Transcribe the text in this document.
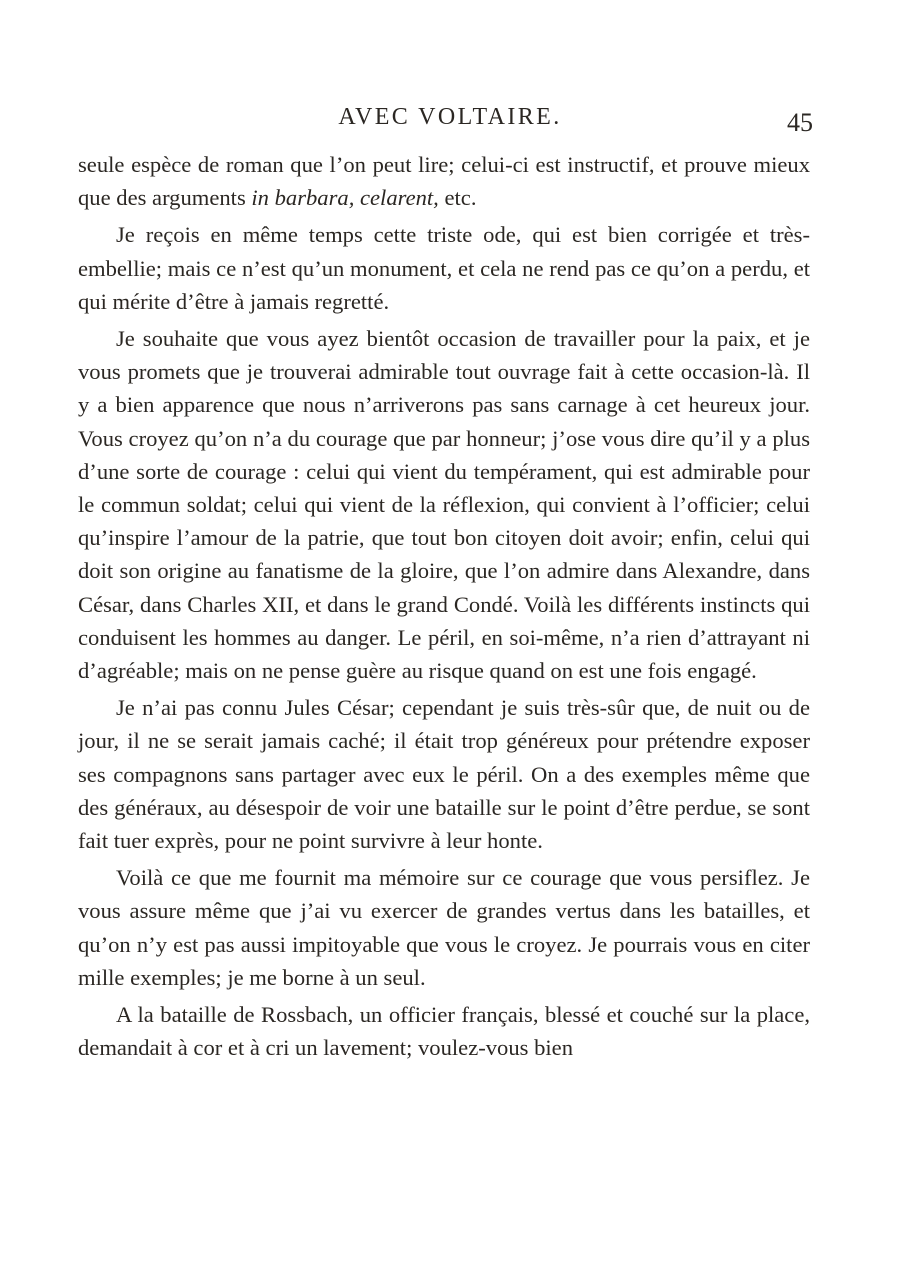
AVEC VOLTAIRE.	45

seule espèce de roman que l’on peut lire; celui-ci est instructif, et prouve mieux que des arguments in barbara, celarent, etc.

Je reçois en même temps cette triste ode, qui est bien corrigée et très-embellie; mais ce n’est qu’un monument, et cela ne rend pas ce qu’on a perdu, et qui mérite d’être à jamais regretté.

Je souhaite que vous ayez bientôt occasion de travailler pour la paix, et je vous promets que je trouverai admirable tout ouvrage fait à cette occasion-là. Il y a bien apparence que nous n’arriverons pas sans carnage à cet heureux jour. Vous croyez qu’on n’a du courage que par honneur; j’ose vous dire qu’il y a plus d’une sorte de courage : celui qui vient du tempérament, qui est admirable pour le commun soldat; celui qui vient de la réflexion, qui convient à l’officier; celui qu’inspire l’amour de la patrie, que tout bon citoyen doit avoir; enfin, celui qui doit son origine au fanatisme de la gloire, que l’on admire dans Alexandre, dans César, dans Charles XII, et dans le grand Condé. Voilà les différents instincts qui conduisent les hommes au danger. Le péril, en soi-même, n’a rien d’attrayant ni d’agréable; mais on ne pense guère au risque quand on est une fois engagé.

Je n’ai pas connu Jules César; cependant je suis très-sûr que, de nuit ou de jour, il ne se serait jamais caché; il était trop généreux pour prétendre exposer ses compagnons sans partager avec eux le péril. On a des exemples même que des généraux, au désespoir de voir une bataille sur le point d’être perdue, se sont fait tuer exprès, pour ne point survivre à leur honte.

Voilà ce que me fournit ma mémoire sur ce courage que vous persiflez. Je vous assure même que j’ai vu exercer de grandes vertus dans les batailles, et qu’on n’y est pas aussi impitoyable que vous le croyez. Je pourrais vous en citer mille exemples; je me borne à un seul.

A la bataille de Rossbach, un officier français, blessé et couché sur la place, demandait à cor et à cri un lavement; voulez-vous bien
